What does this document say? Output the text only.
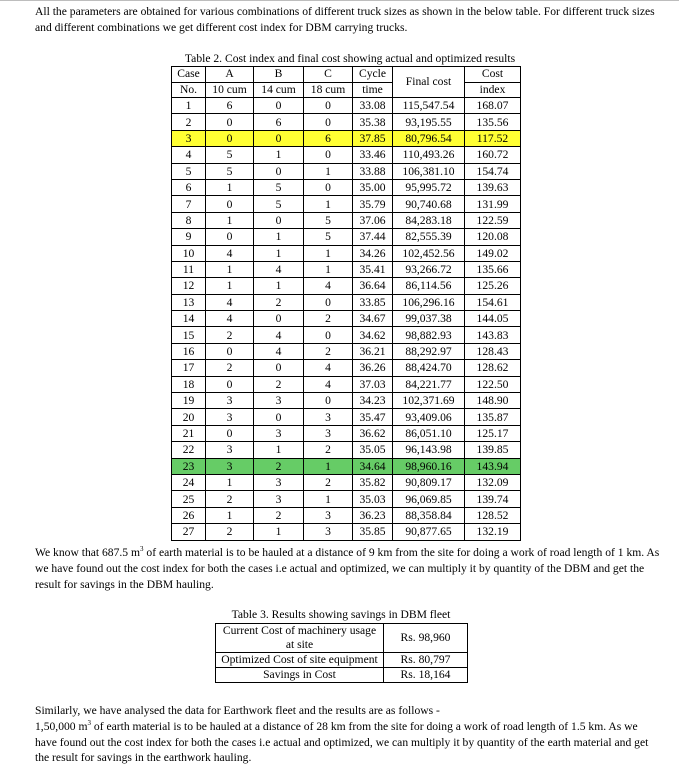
All the parameters are obtained for various combinations of different truck sizes as shown in the below table. For different truck sizes and different combinations we get different cost index for DBM carrying trucks.

Table 2. Cost index and final cost showing actual and optimized results
Case	A	B	C	Cycle	Final cost	Cost
No.	10 cum	14 cum	18 cum	time		index
1	6	0	0	33.08	115,547.54	168.07
2	0	6	0	35.38	93,195.55	135.56
3	0	0	6	37.85	80,796.54	117.52
4	5	1	0	33.46	110,493.26	160.72
5	5	0	1	33.88	106,381.10	154.74
6	1	5	0	35.00	95,995.72	139.63
7	0	5	1	35.79	90,740.68	131.99
8	1	0	5	37.06	84,283.18	122.59
9	0	1	5	37.44	82,555.39	120.08
10	4	1	1	34.26	102,452.56	149.02
11	1	4	1	35.41	93,266.72	135.66
12	1	1	4	36.64	86,114.56	125.26
13	4	2	0	33.85	106,296.16	154.61
14	4	0	2	34.67	99,037.38	144.05
15	2	4	0	34.62	98,882.93	143.83
16	0	4	2	36.21	88,292.97	128.43
17	2	0	4	36.26	88,424.70	128.62
18	0	2	4	37.03	84,221.77	122.50
19	3	3	0	34.23	102,371.69	148.90
20	3	0	3	35.47	93,409.06	135.87
21	0	3	3	36.62	86,051.10	125.17
22	3	1	2	35.05	96,143.98	139.85
23	3	2	1	34.64	98,960.16	143.94
24	1	3	2	35.82	90,809.17	132.09
25	2	3	1	35.03	96,069.85	139.74
26	1	2	3	36.23	88,358.84	128.52
27	2	1	3	35.85	90,877.65	132.19

We know that 687.5 $m^3$ of earth material is to be hauled at a distance of 9 km from the site for doing a work of road length of 1 km. As we have found out the cost index for both the cases i.e actual and optimized, we can multiply it by quantity of the DBM and get the result for savings in the DBM hauling.

Table 3. Results showing savings in DBM fleet
Current Cost of machinery usage at site	Rs. 98,960
Optimized Cost of site equipment	Rs. 80,797
Savings in Cost	Rs. 18,164

Similarly, we have analysed the data for Earthwork fleet and the results are as follows -
1,50,000 $m^3$ of earth material is to be hauled at a distance of 28 km from the site for doing a work of road length of 1.5 km. As we have found out the cost index for both the cases i.e actual and optimized, we can multiply it by quantity of the earth material and get the result for savings in the earthwork hauling.
